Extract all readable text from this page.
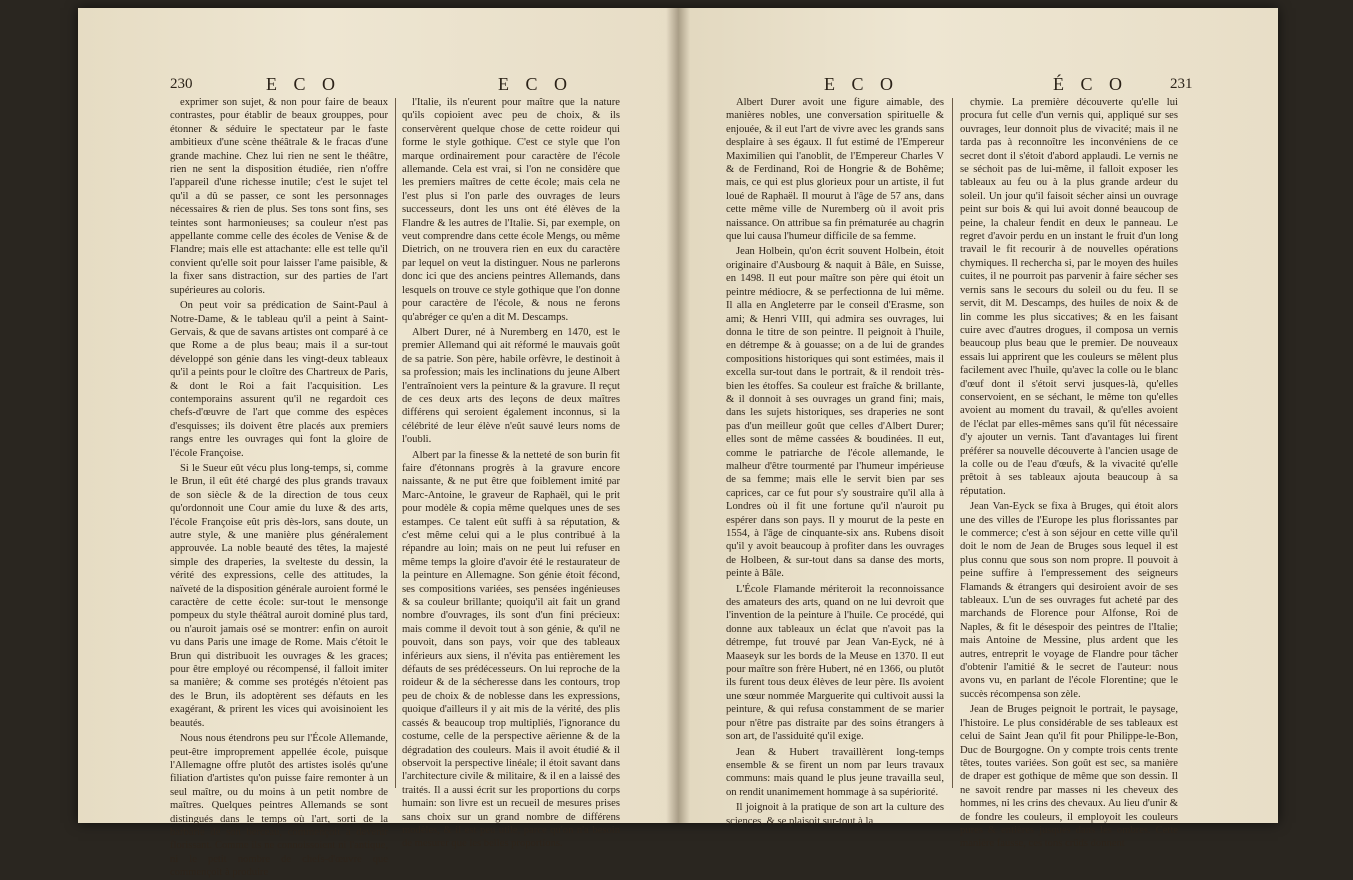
230	E C O	E C O

exprimer son sujet, & non pour faire de beaux contrastes, pour établir de beaux grouppes, pour étonner & séduire le spectateur par le faste ambitieux d'une scène théâtrale & le fracas d'une grande machine. Chez lui rien ne sent le théâtre, rien ne sent la disposition étudiée, rien n'offre l'appareil d'une richesse inutile; c'est le sujet tel qu'il a dû se passer, ce sont les personnages nécessaires & rien de plus. Ses tons sont fins, ses teintes sont harmonieuses; sa couleur n'est pas appellante comme celle des écoles de Venise & de Flandre; mais elle est attachante: elle est telle qu'il convient qu'elle soit pour laisser l'ame paisible, & la fixer sans distraction, sur des parties de l'art supérieures au coloris.

On peut voir sa prédication de Saint-Paul à Notre-Dame, & le tableau qu'il a peint à Saint-Gervais, & que de savans artistes ont comparé à ce que Rome a de plus beau; mais il a sur-tout développé son génie dans les vingt-deux tableaux qu'il a peints pour le cloître des Chartreux de Paris, & dont le Roi a fait l'acquisition. Les contemporains assurent qu'il ne regardoit ces chefs-d'œuvre de l'art que comme des espèces d'esquisses; ils doivent être placés aux premiers rangs entre les ouvrages qui font la gloire de l'école Françoise.

Si le Sueur eût vécu plus long-temps, si, comme le Brun, il eût été chargé des plus grands travaux de son siècle & de la direction de tous ceux qu'ordonnoit une Cour amie du luxe & des arts, l'école Françoise eût pris dès-lors, sans doute, un autre style, & une manière plus généralement approuvée. La noble beauté des têtes, la majesté simple des draperies, la svelteste du dessin, la vérité des expressions, celle des attitudes, la naïveté de la disposition générale auroient formé le caractère de cette école: sur-tout le mensonge pompeux du style théâtral auroit dominé plus tard, ou n'auroit jamais osé se montrer: enfin on auroit vu dans Paris une image de Rome. Mais c'étoit le Brun qui distribuoit les ouvrages & les graces; pour être employé ou récompensé, il falloit imiter sa manière; & comme ses protégés n'étoient pas des le Brun, ils adoptèrent ses défauts en les exagérant, & prirent les vices qui avoisinoient les beautés.

Nous nous étendrons peu sur l'École Allemande, peut-être improprement appellée école, puisque l'Allemagne offre plutôt des artistes isolés qu'une filiation d'artistes qu'on puisse faire remonter à un seul maître, ou du moins à un petit nombre de maîtres. Quelques peintres Allemands se sont distingués dans le temps où l'art, sorti de la barbarie de son berceau, commençoit à devenir florissant. Comme ils ne connoissoient ni l'antique, ni le petit nombre de chefs-d'œuvre que commençoit à produire

l'Italie, ils n'eurent pour maître que la nature qu'ils copioient avec peu de choix, & ils conservèrent quelque chose de cette roideur qui forme le style gothique. C'est ce style que l'on marque ordinairement pour caractère de l'école allemande. Cela est vrai, si l'on ne considère que les premiers maîtres de cette école; mais cela ne l'est plus si l'on parle des ouvrages de leurs successeurs, dont les uns ont été élèves de la Flandre & les autres de l'Italie. Si, par exemple, on veut comprendre dans cette école Mengs, ou même Dietrich, on ne trouvera rien en eux du caractère par lequel on veut la distinguer. Nous ne parlerons donc ici que des anciens peintres Allemands, dans lesquels on trouve ce style gothique que l'on donne pour caractère de l'école, & nous ne ferons qu'abréger ce qu'en a dit M. Descamps.

Albert Durer, né à Nuremberg en 1470, est le premier Allemand qui ait réformé le mauvais goût de sa patrie. Son père, habile orfèvre, le destinoit à sa profession; mais les inclinations du jeune Albert l'entraînoient vers la peinture & la gravure. Il reçut de ces deux arts des leçons de deux maîtres différens qui seroient également inconnus, si la célébrité de leur élève n'eût sauvé leurs noms de l'oubli.

Albert par la finesse & la netteté de son burin fit faire d'étonnans progrès à la gravure encore naissante, & ne put être que foiblement imité par Marc-Antoine, le graveur de Raphaël, qui le prit pour modèle & copia même quelques unes de ses estampes. Ce talent eût suffi à sa réputation, & c'est même celui qui a le plus contribué à la répandre au loin; mais on ne peut lui refuser en même temps la gloire d'avoir été le restaurateur de la peinture en Allemagne. Son génie étoit fécond, ses compositions variées, ses pensées ingénieuses & sa couleur brillante; quoiqu'il ait fait un grand nombre d'ouvrages, ils sont d'un fini précieux: mais comme il devoit tout à son génie, & qu'il ne pouvoit, dans son pays, voir que des tableaux inférieurs aux siens, il n'évita pas entièrement les défauts de ses prédécesseurs. On lui reproche de la roideur & de la sécheresse dans les contours, trop peu de choix & de noblesse dans les expressions, quoique d'ailleurs il y ait mis de la vérité, des plis cassés & beaucoup trop multipliés, l'ignorance du costume, celle de la perspective aërienne & de la dégradation des couleurs. Mais il avoit étudié & il observoit la perspective linéale; il étoit savant dans l'architecture civile & militaire, & il en a laissé des traités. Il a aussi écrit sur les proportions du corps humain: son livre est un recueil de mesures prises sans choix sur un grand nombre de différens modèles, & il est peu utile, parce qu'on n'a besoin de mesurer que les belles proportions.

E C O	É C O	231

Albert Durer avoit une figure aimable, des manières nobles, une conversation spirituelle & enjouée, & il eut l'art de vivre avec les grands sans desplaire à ses égaux. Il fut estimé de l'Empereur Maximilien qui l'anoblit, de l'Empereur Charles V & de Ferdinand, Roi de Hongrie & de Bohême; mais, ce qui est plus glorieux pour un artiste, il fut loué de Raphaël. Il mourut à l'âge de 57 ans, dans cette même ville de Nuremberg où il avoit pris naissance. On attribue sa fin prématurée au chagrin que lui causa l'humeur difficile de sa femme.

Jean Holbein, qu'on écrit souvent Holbein, étoit originaire d'Ausbourg & naquit à Bâle, en Suisse, en 1498. Il eut pour maître son père qui étoit un peintre médiocre, & se perfectionna de lui même. Il alla en Angleterre par le conseil d'Erasme, son ami; & Henri VIII, qui admira ses ouvrages, lui donna le titre de son peintre. Il peignoit à l'huile, en détrempe & à gouasse; on a de lui de grandes compositions historiques qui sont estimées, mais il excella sur-tout dans le portrait, & il rendoit très-bien les étoffes. Sa couleur est fraîche & brillante, & il donnoit à ses ouvrages un grand fini; mais, dans les sujets historiques, ses draperies ne sont pas d'un meilleur goût que celles d'Albert Durer; elles sont de même cassées & boudinées. Il eut, comme le patriarche de l'école allemande, le malheur d'être tourmenté par l'humeur impérieuse de sa femme; mais elle le servit bien par ses caprices, car ce fut pour s'y soustraire qu'il alla à Londres où il fit une fortune qu'il n'auroit pu espérer dans son pays. Il y mourut de la peste en 1554, à l'âge de cinquante-six ans. Rubens disoit qu'il y avoit beaucoup à profiter dans les ouvrages de Holbeen, & sur-tout dans sa danse des morts, peinte à Bâle.

L'École Flamande mériteroit la reconnoissance des amateurs des arts, quand on ne lui devroit que l'invention de la peinture à l'huile. Ce procédé, qui donne aux tableaux un éclat que n'avoit pas la détrempe, fut trouvé par Jean Van-Eyck, né à Maaseyk sur les bords de la Meuse en 1370. Il eut pour maître son frère Hubert, né en 1366, ou plutôt ils furent tous deux élèves de leur père. Ils avoient une sœur nommée Marguerite qui cultivoit aussi la peinture, & qui refusa constamment de se marier pour n'être pas distraite par des soins étrangers à son art, de l'assiduité qu'il exige.

Jean & Hubert travaillèrent long-temps ensemble & se firent un nom par leurs travaux communs: mais quand le plus jeune travailla seul, on rendit unanimement hommage à sa supériorité.

Il joignoit à la pratique de son art la culture des sciences, & se plaisoit sur-tout à la

chymie. La première découverte qu'elle lui procura fut celle d'un vernis qui, appliqué sur ses ouvrages, leur donnoit plus de vivacité; mais il ne tarda pas à reconnoître les inconvéniens de ce secret dont il s'étoit d'abord applaudi. Le vernis ne se séchoit pas de lui-même, il falloit exposer les tableaux au feu ou à la plus grande ardeur du soleil. Un jour qu'il faisoit sécher ainsi un ouvrage peint sur bois & qui lui avoit donné beaucoup de peine, la chaleur fendit en deux le panneau. Le regret d'avoir perdu en un instant le fruit d'un long travail le fit recourir à de nouvelles opérations chymiques. Il rechercha si, par le moyen des huiles cuites, il ne pourroit pas parvenir à faire sécher ses vernis sans le secours du soleil ou du feu. Il se servit, dit M. Descamps, des huiles de noix & de lin comme les plus siccatives; & en les faisant cuire avec d'autres drogues, il composa un vernis beaucoup plus beau que le premier. De nouveaux essais lui apprirent que les couleurs se mêlent plus facilement avec l'huile, qu'avec la colle ou le blanc d'œuf dont il s'étoit servi jusques-là, qu'elles conservoient, en se séchant, le même ton qu'elles avoient au moment du travail, & qu'elles avoient de l'éclat par elles-mêmes sans qu'il fût nécessaire d'y ajouter un vernis. Tant d'avantages lui firent préférer sa nouvelle découverte à l'ancien usage de la colle ou de l'eau d'œufs, & la vivacité qu'elle prêtoit à ses tableaux ajouta beaucoup à sa réputation.

Jean Van-Eyck se fixa à Bruges, qui étoit alors une des villes de l'Europe les plus florissantes par le commerce; c'est à son séjour en cette ville qu'il doit le nom de Jean de Bruges sous lequel il est plus connu que sous son nom propre. Il pouvoit à peine suffire à l'empressement des seigneurs Flamands & étrangers qui desiroient avoir de ses tableaux. L'un de ses ouvrages fut acheté par des marchands de Florence pour Alfonse, Roi de Naples, & fit le désespoir des peintres de l'Italie; mais Antoine de Messine, plus ardent que les autres, entreprit le voyage de Flandre pour tâcher d'obtenir l'amitié & le secret de l'auteur: nous avons vu, en parlant de l'école Florentine; que le succès récompensa son zèle.

Jean de Bruges peignoit le portrait, le paysage, l'histoire. Le plus considérable de ses tableaux est celui de Saint Jean qu'il fit pour Philippe-le-Bon, Duc de Bourgogne. On y compte trois cents trente têtes, toutes variées. Son goût est sec, sa manière de draper est gothique de même que son dessin. Il ne savoit rendre par masses ni les cheveux des hommes, ni les crins des chevaux. Au lieu d'unir & de fondre les couleurs, il employoit les couleurs pures & entières jusques dans les ombres. Cette manière fausse, ces tons crûds donnent
